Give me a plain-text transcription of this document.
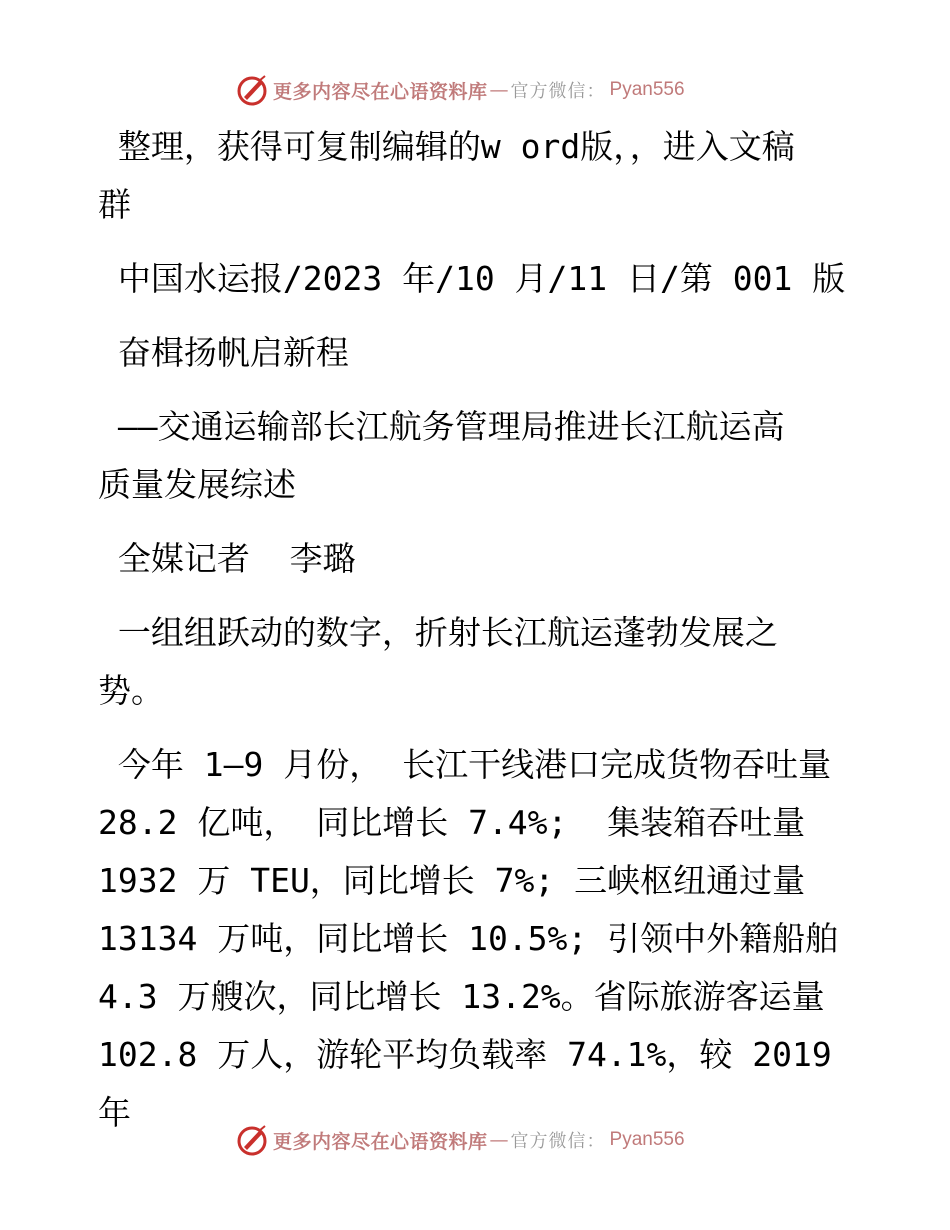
更多内容尽在心语资料库 — 官方微信： Pyan556

整理，获得可复制编辑的w ord版，，进入文稿
群

中国水运报/2023 年/10 月/11 日/第 001 版

奋楫扬帆启新程

——交通运输部长江航务管理局推进长江航运高
质量发展综述

全媒记者  李璐

一组组跃动的数字，折射长江航运蓬勃发展之
势。

今年 1—9 月份， 长江干线港口完成货物吞吐量
28.2 亿吨， 同比增长 7.4%;  集装箱吞吐量
1932 万 TEU，同比增长 7%; 三峡枢纽通过量
13134 万吨，同比增长 10.5%; 引领中外籍船舶
4.3 万艘次，同比增长 13.2%。省际旅游客运量
102.8 万人，游轮平均负载率 74.1%，较 2019 年

更多内容尽在心语资料库 — 官方微信： Pyan556
